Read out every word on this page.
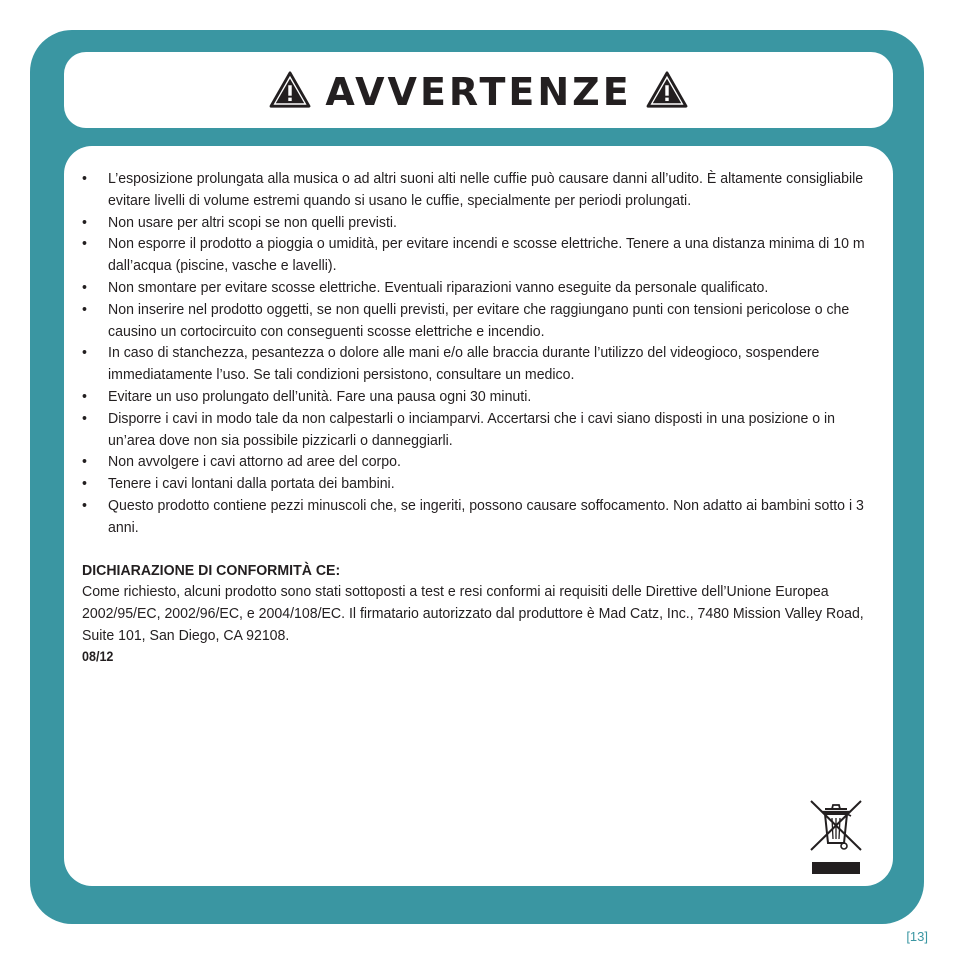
AVVERTENZE
• L’esposizione prolungata alla musica o ad altri suoni alti nelle cuffie può causare danni all’udito. È altamente consigliabile evitare livelli di volume estremi quando si usano le cuffie, specialmente per periodi prolungati.
• Non usare per altri scopi se non quelli previsti.
• Non esporre il prodotto a pioggia o umidità, per evitare incendi e scosse elettriche. Tenere a una distanza minima di 10 m dall’acqua (piscine, vasche e lavelli).
• Non smontare per evitare scosse elettriche. Eventuali riparazioni vanno eseguite da personale qualificato.
• Non inserire nel prodotto oggetti, se non quelli previsti, per evitare che raggiungano punti con tensioni pericolose o che causino un cortocircuito con conseguenti scosse elettriche e incendio.
• In caso di stanchezza, pesantezza o dolore alle mani e/o alle braccia durante l’utilizzo del videogioco, sospendere immediatamente l’uso. Se tali condizioni persistono, consultare un medico.
• Evitare un uso prolungato dell’unità. Fare una pausa ogni 30 minuti.
• Disporre i cavi in modo tale da non calpestarli o inciamparvi. Accertarsi che i cavi siano disposti in una posizione o in un’area dove non sia possibile pizzicarli o danneggiarli.
• Non avvolgere i cavi attorno ad aree del corpo.
• Tenere i cavi lontani dalla portata dei bambini.
• Questo prodotto contiene pezzi minuscoli che, se ingeriti, possono causare soffocamento. Non adatto ai bambini sotto i 3 anni.
DICHIARAZIONE DI CONFORMITÀ CE:
Come richiesto, alcuni prodotto sono stati sottoposti a test e resi conformi ai requisiti delle Direttive dell’Unione Europea 2002/95/EC, 2002/96/EC, e 2004/108/EC. Il firmatario autorizzato dal produttore è Mad Catz, Inc., 7480 Mission Valley Road, Suite 101, San Diego, CA 92108.
08/12
[13]
